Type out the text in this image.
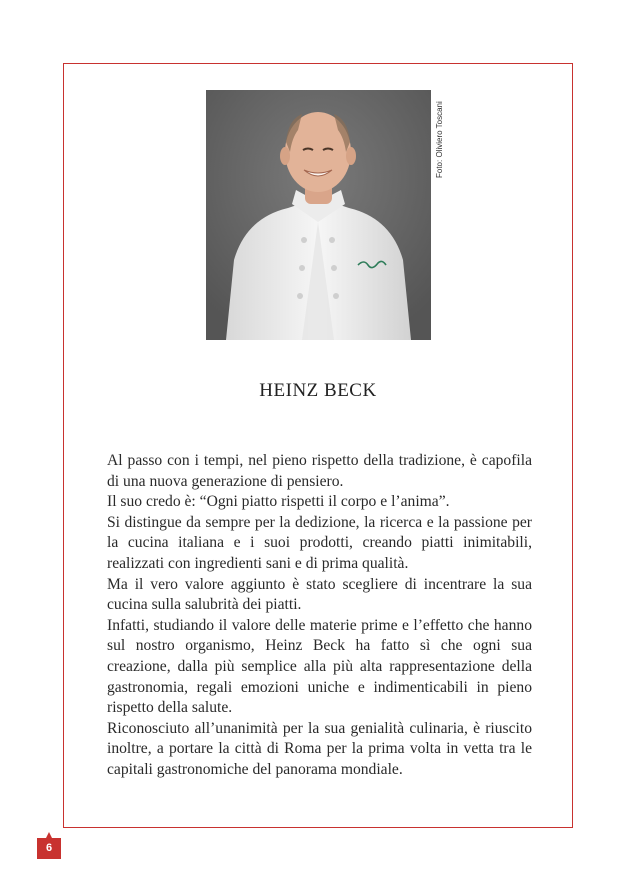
Foto: Oliviero Toscani
HEINZ BECK

Al passo con i tempi, nel pieno rispetto della tradizione, è capofila di una nuova generazione di pensiero.

Il suo credo è: “Ogni piatto rispetti il corpo e l’anima”.

Si distingue da sempre per la dedizione, la ricerca e la passione per la cucina italiana e i suoi prodotti, creando piatti inimitabili, realizzati con ingredienti sani e di prima qualità.

Ma il vero valore aggiunto è stato scegliere di incentrare la sua cucina sulla salubrità dei piatti.

Infatti, studiando il valore delle materie prime e l’effetto che hanno sul nostro organismo, Heinz Beck ha fatto sì che ogni sua creazione, dalla più semplice alla più alta rappresentazione della gastronomia, regali emozioni uniche e indimenticabili in pieno rispetto della salute.

Riconosciuto all’unanimità per la sua genialità culinaria, è riuscito inoltre, a portare la città di Roma per la prima volta in vetta tra le capitali gastronomiche del panorama mondiale.

6
